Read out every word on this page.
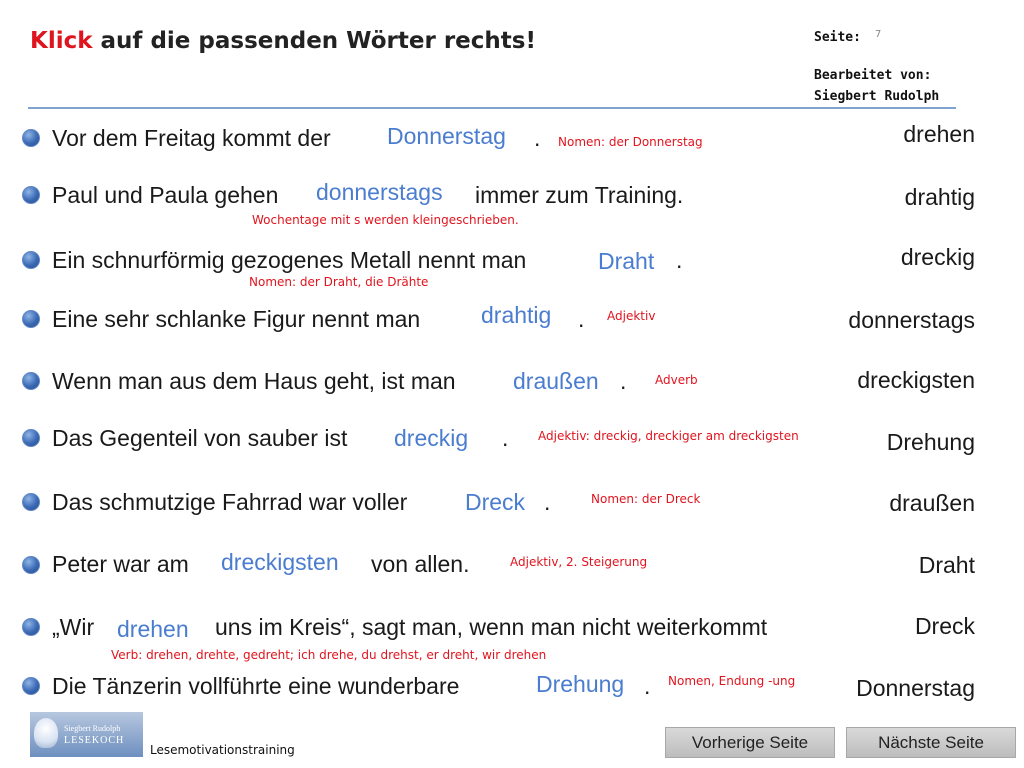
Klick auf die passenden Wörter rechts!	Seite: 7
Bearbeitet von:
Siegbert Rudolph
Vor dem Freitag kommt der Donnerstag . Nomen: der Donnerstag
Paul und Paula gehen donnerstags immer zum Training.
Wochentage mit s werden kleingeschrieben.
Ein schnurförmig gezogenes Metall nennt man	Draht .
Nomen: der Draht, die Drähte
Eine sehr schlanke Figur nennt man	drahtig . Adjektiv
Wenn man aus dem Haus geht, ist man draußen . Adverb
Das Gegenteil von sauber ist dreckig . Adjektiv: dreckig, dreckiger am dreckigsten
Das schmutzige Fahrrad war voller	Dreck .	Nomen: der Dreck
Peter war am dreckigsten von allen.	Adjektiv, 2. Steigerung
„Wir drehen uns im Kreis“, sagt man, wenn man nicht weiterkommt
Verb: drehen, drehte, gedreht; ich drehe, du drehst, er dreht, wir drehen
Die Tänzerin vollführte eine wunderbare	Drehung . Nomen, Endung -ung
drehen
drahtig
dreckig
donnerstags
dreckigsten
Drehung
draußen
Draht
Dreck
Donnerstag
Siegbert Rudolph
LESEKOCH
Lesemotivationstraining	Vorherige Seite	Nächste Seite
